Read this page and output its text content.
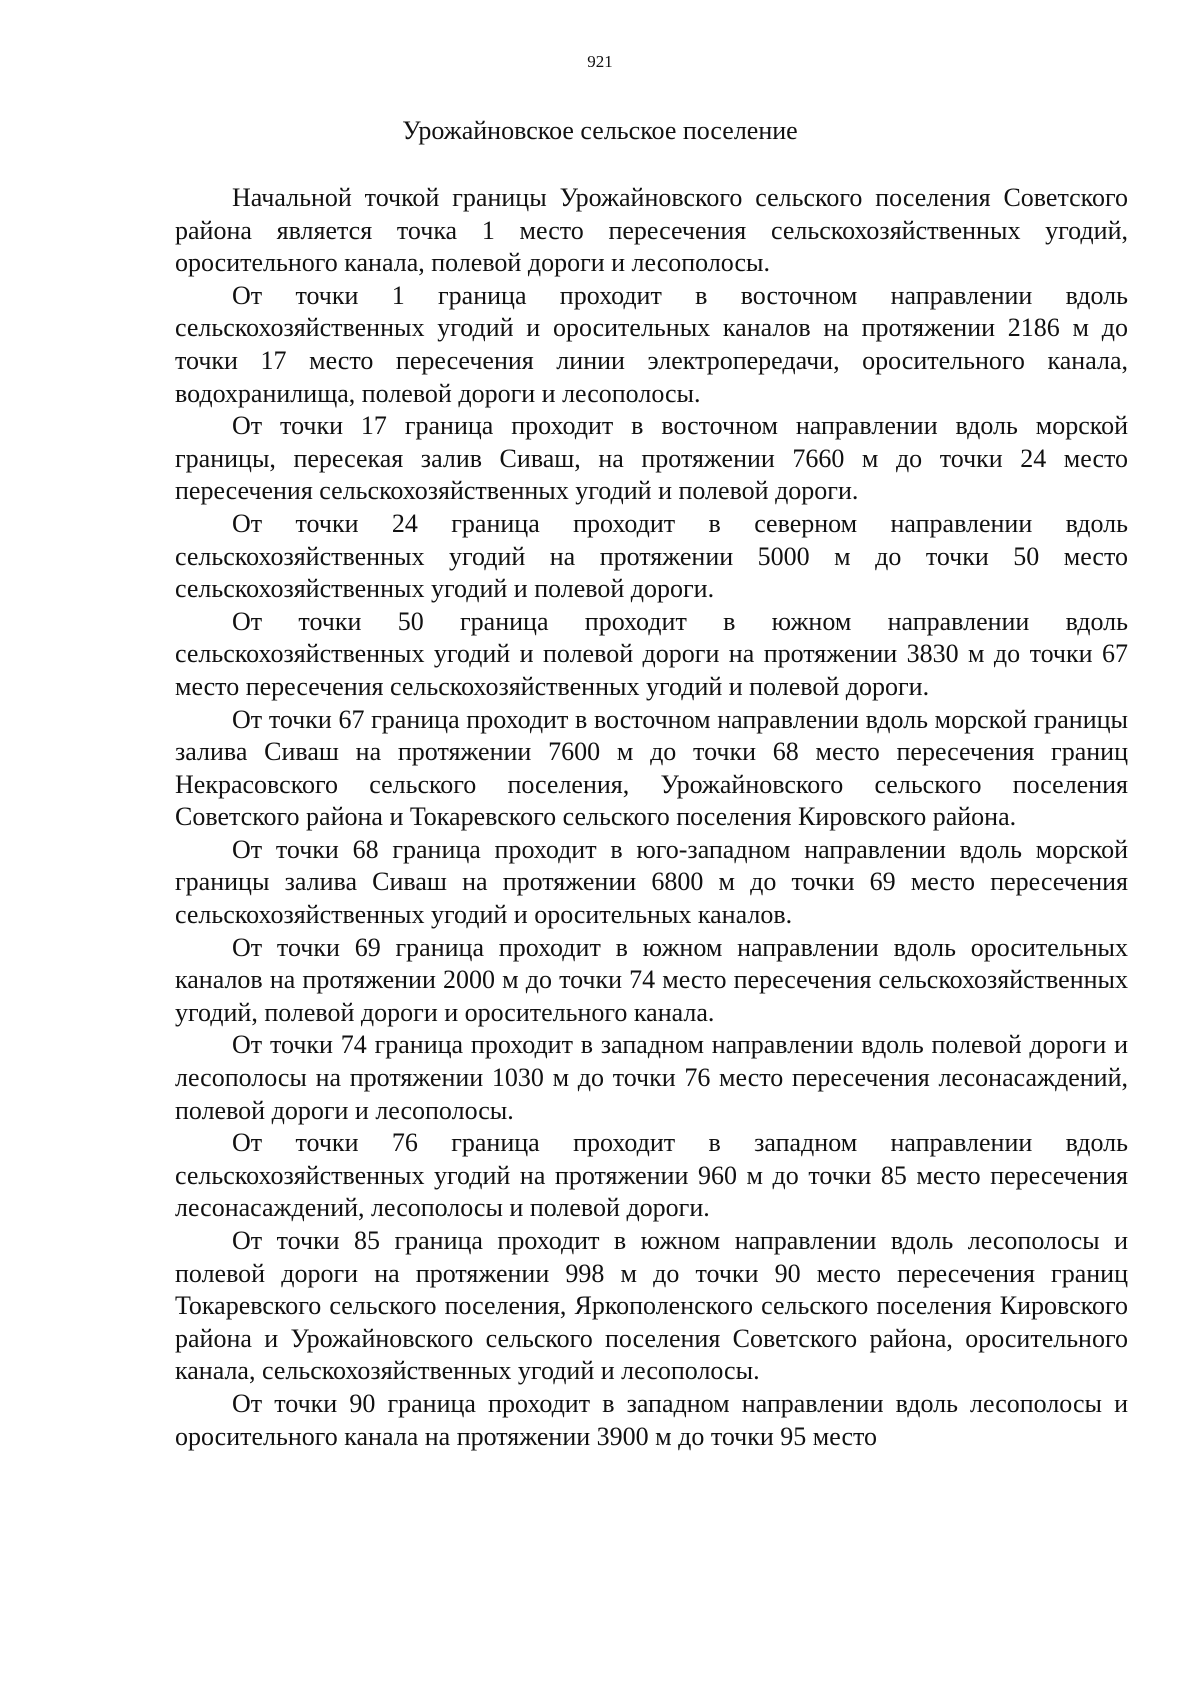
921
Урожайновское сельское поселение

Начальной точкой границы Урожайновского сельского поселения Советского района является точка 1 место пересечения сельскохозяйственных угодий, оросительного канала, полевой дороги и лесополосы.

От точки 1 граница проходит в восточном направлении вдоль сельскохозяйственных угодий и оросительных каналов на протяжении 2186 м до точки 17 место пересечения линии электропередачи, оросительного канала, водохранилища, полевой дороги и лесополосы.

От точки 17 граница проходит в восточном направлении вдоль морской границы, пересекая залив Сиваш, на протяжении 7660 м до точки 24 место пересечения сельскохозяйственных угодий и полевой дороги.

От точки 24 граница проходит в северном направлении вдоль сельскохозяйственных угодий на протяжении 5000 м до точки 50 место сельскохозяйственных угодий и полевой дороги.

От точки 50 граница проходит в южном направлении вдоль сельскохозяйственных угодий и полевой дороги на протяжении 3830 м до точки 67 место пересечения сельскохозяйственных угодий и полевой дороги.

От точки 67 граница проходит в восточном направлении вдоль морской границы залива Сиваш на протяжении 7600 м до точки 68 место пересечения границ Некрасовского сельского поселения, Урожайновского сельского поселения Советского района и Токаревского сельского поселения Кировского района.

От точки 68 граница проходит в юго-западном направлении вдоль морской границы залива Сиваш на протяжении 6800 м до точки 69 место пересечения сельскохозяйственных угодий и оросительных каналов.

От точки 69 граница проходит в южном направлении вдоль оросительных каналов на протяжении 2000 м до точки 74 место пересечения сельскохозяйственных угодий, полевой дороги и оросительного канала.

От точки 74 граница проходит в западном направлении вдоль полевой дороги и лесополосы на протяжении 1030 м до точки 76 место пересечения лесонасаждений, полевой дороги и лесополосы.

От точки 76 граница проходит в западном направлении вдоль сельскохозяйственных угодий на протяжении 960 м до точки 85 место пересечения лесонасаждений, лесополосы и полевой дороги.

От точки 85 граница проходит в южном направлении вдоль лесополосы и полевой дороги на протяжении 998 м до точки 90 место пересечения границ Токаревского сельского поселения, Яркополенского сельского поселения Кировского района и Урожайновского сельского поселения Советского района, оросительного канала, сельскохозяйственных угодий и лесополосы.

От точки 90 граница проходит в западном направлении вдоль лесополосы и оросительного канала на протяжении 3900 м до точки 95 место
